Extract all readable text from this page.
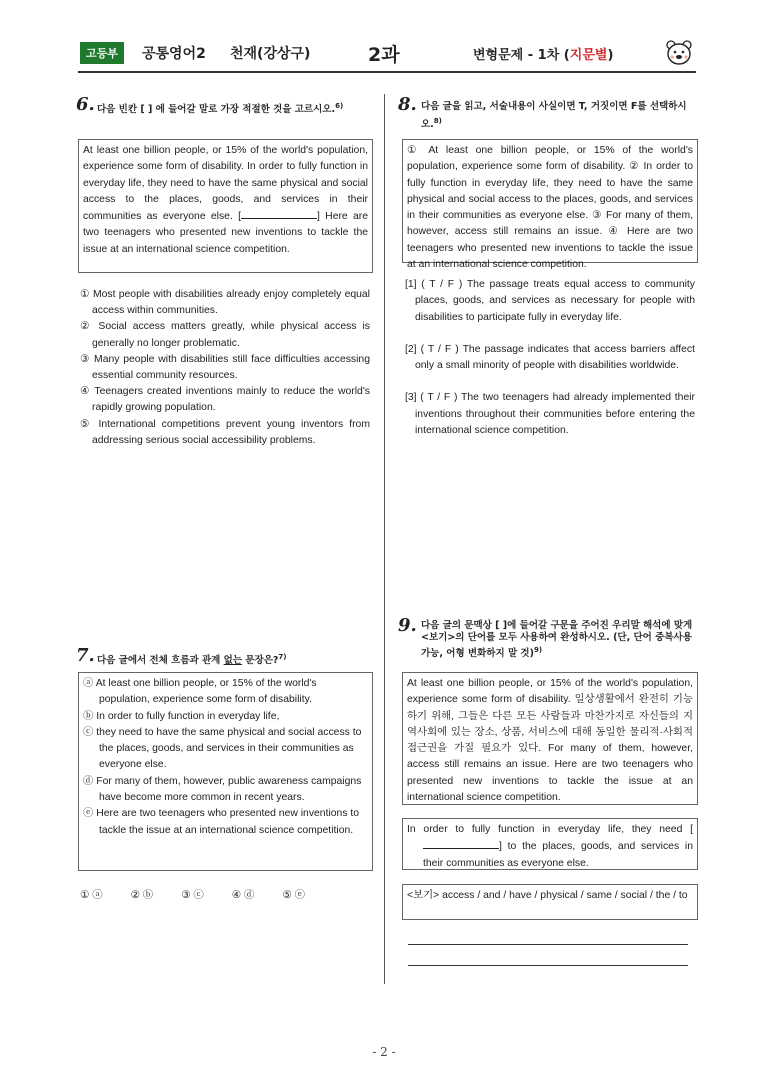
고등부	공통영어2 천재(강상구)	2과	변형문제 - 1차 (지문별)
6. 다음 빈칸 [ ] 에 들어갈 말로 가장 적절한 것을 고르시오.$^{6)}$
At least one billion people, or 15% of the world's population, experience some form of disability. In order to fully function in everyday life, they need to have the same physical and social access to the places, goods, and services in their communities as everyone else. [	] Here are two teenagers who presented new inventions to tackle the issue at an international science competition.
① Most people with disabilities already enjoy completely equal access within communities.
② Social access matters greatly, while physical access is generally no longer problematic.
③ Many people with disabilities still face difficulties accessing essential community resources.
④ Teenagers created inventions mainly to reduce the world's rapidly growing population.
⑤ International competitions prevent young inventors from addressing serious social accessibility problems.
7. 다음 글에서 전체 흐름과 관계 없는 문장은?$^{7)}$
ⓐ At least one billion people, or 15% of the world's population, experience some form of disability.
ⓑ In order to fully function in everyday life,
ⓒ they need to have the same physical and social access to the places, goods, and services in their communities as everyone else.
ⓓ For many of them, however, public awareness campaigns have become more common in recent years.
ⓔ Here are two teenagers who presented new inventions to tackle the issue at an international science competition.
① ⓐ	② ⓑ	③ ⓒ	④ ⓓ	⑤ ⓔ
8. 다음 글을 읽고, 서술내용이 사실이면 T, 거짓이면 F를 선택하시오.$^{8)}$
① At least one billion people, or 15% of the world's population, experience some form of disability. ② In order to fully function in everyday life, they need to have the same physical and social access to the places, goods, and services in their communities as everyone else. ③ For many of them, however, access still remains an issue. ④ Here are two teenagers who presented new inventions to tackle the issue at an international science competition.
[1] ( T / F ) The passage treats equal access to community places, goods, and services as necessary for people with disabilities to participate fully in everyday life.
[2] ( T / F ) The passage indicates that access barriers affect only a small minority of people with disabilities worldwide.
[3] ( T / F ) The two teenagers had already implemented their inventions throughout their communities before entering the international science competition.
9. 다음 글의 문맥상 [ ]에 들어갈 구문을 주어진 우리말 해석에 맞게 <보기>의 단어를 모두 사용하여 완성하시오. (단, 단어 중복사용 가능, 어형 변화하지 말 것)$^{9)}$
At least one billion people, or 15% of the world's population, experience some form of disability. 일상생활에서 완전히 기능하기 위해, 그들은 다른 모든 사람들과 마찬가지로 자신들의 지역사회에 있는 장소, 상품, 서비스에 대해 동일한 물리적·사회적 접근권을 가질 필요가 있다. For many of them, however, access still remains an issue. Here are two teenagers who presented new inventions to tackle the issue at an international science competition.
In order to fully function in everyday life, they need [] to the places, goods, and services in their communities as everyone else.
<보기> access / and / have / physical / same / social / the / to
- 2 -
